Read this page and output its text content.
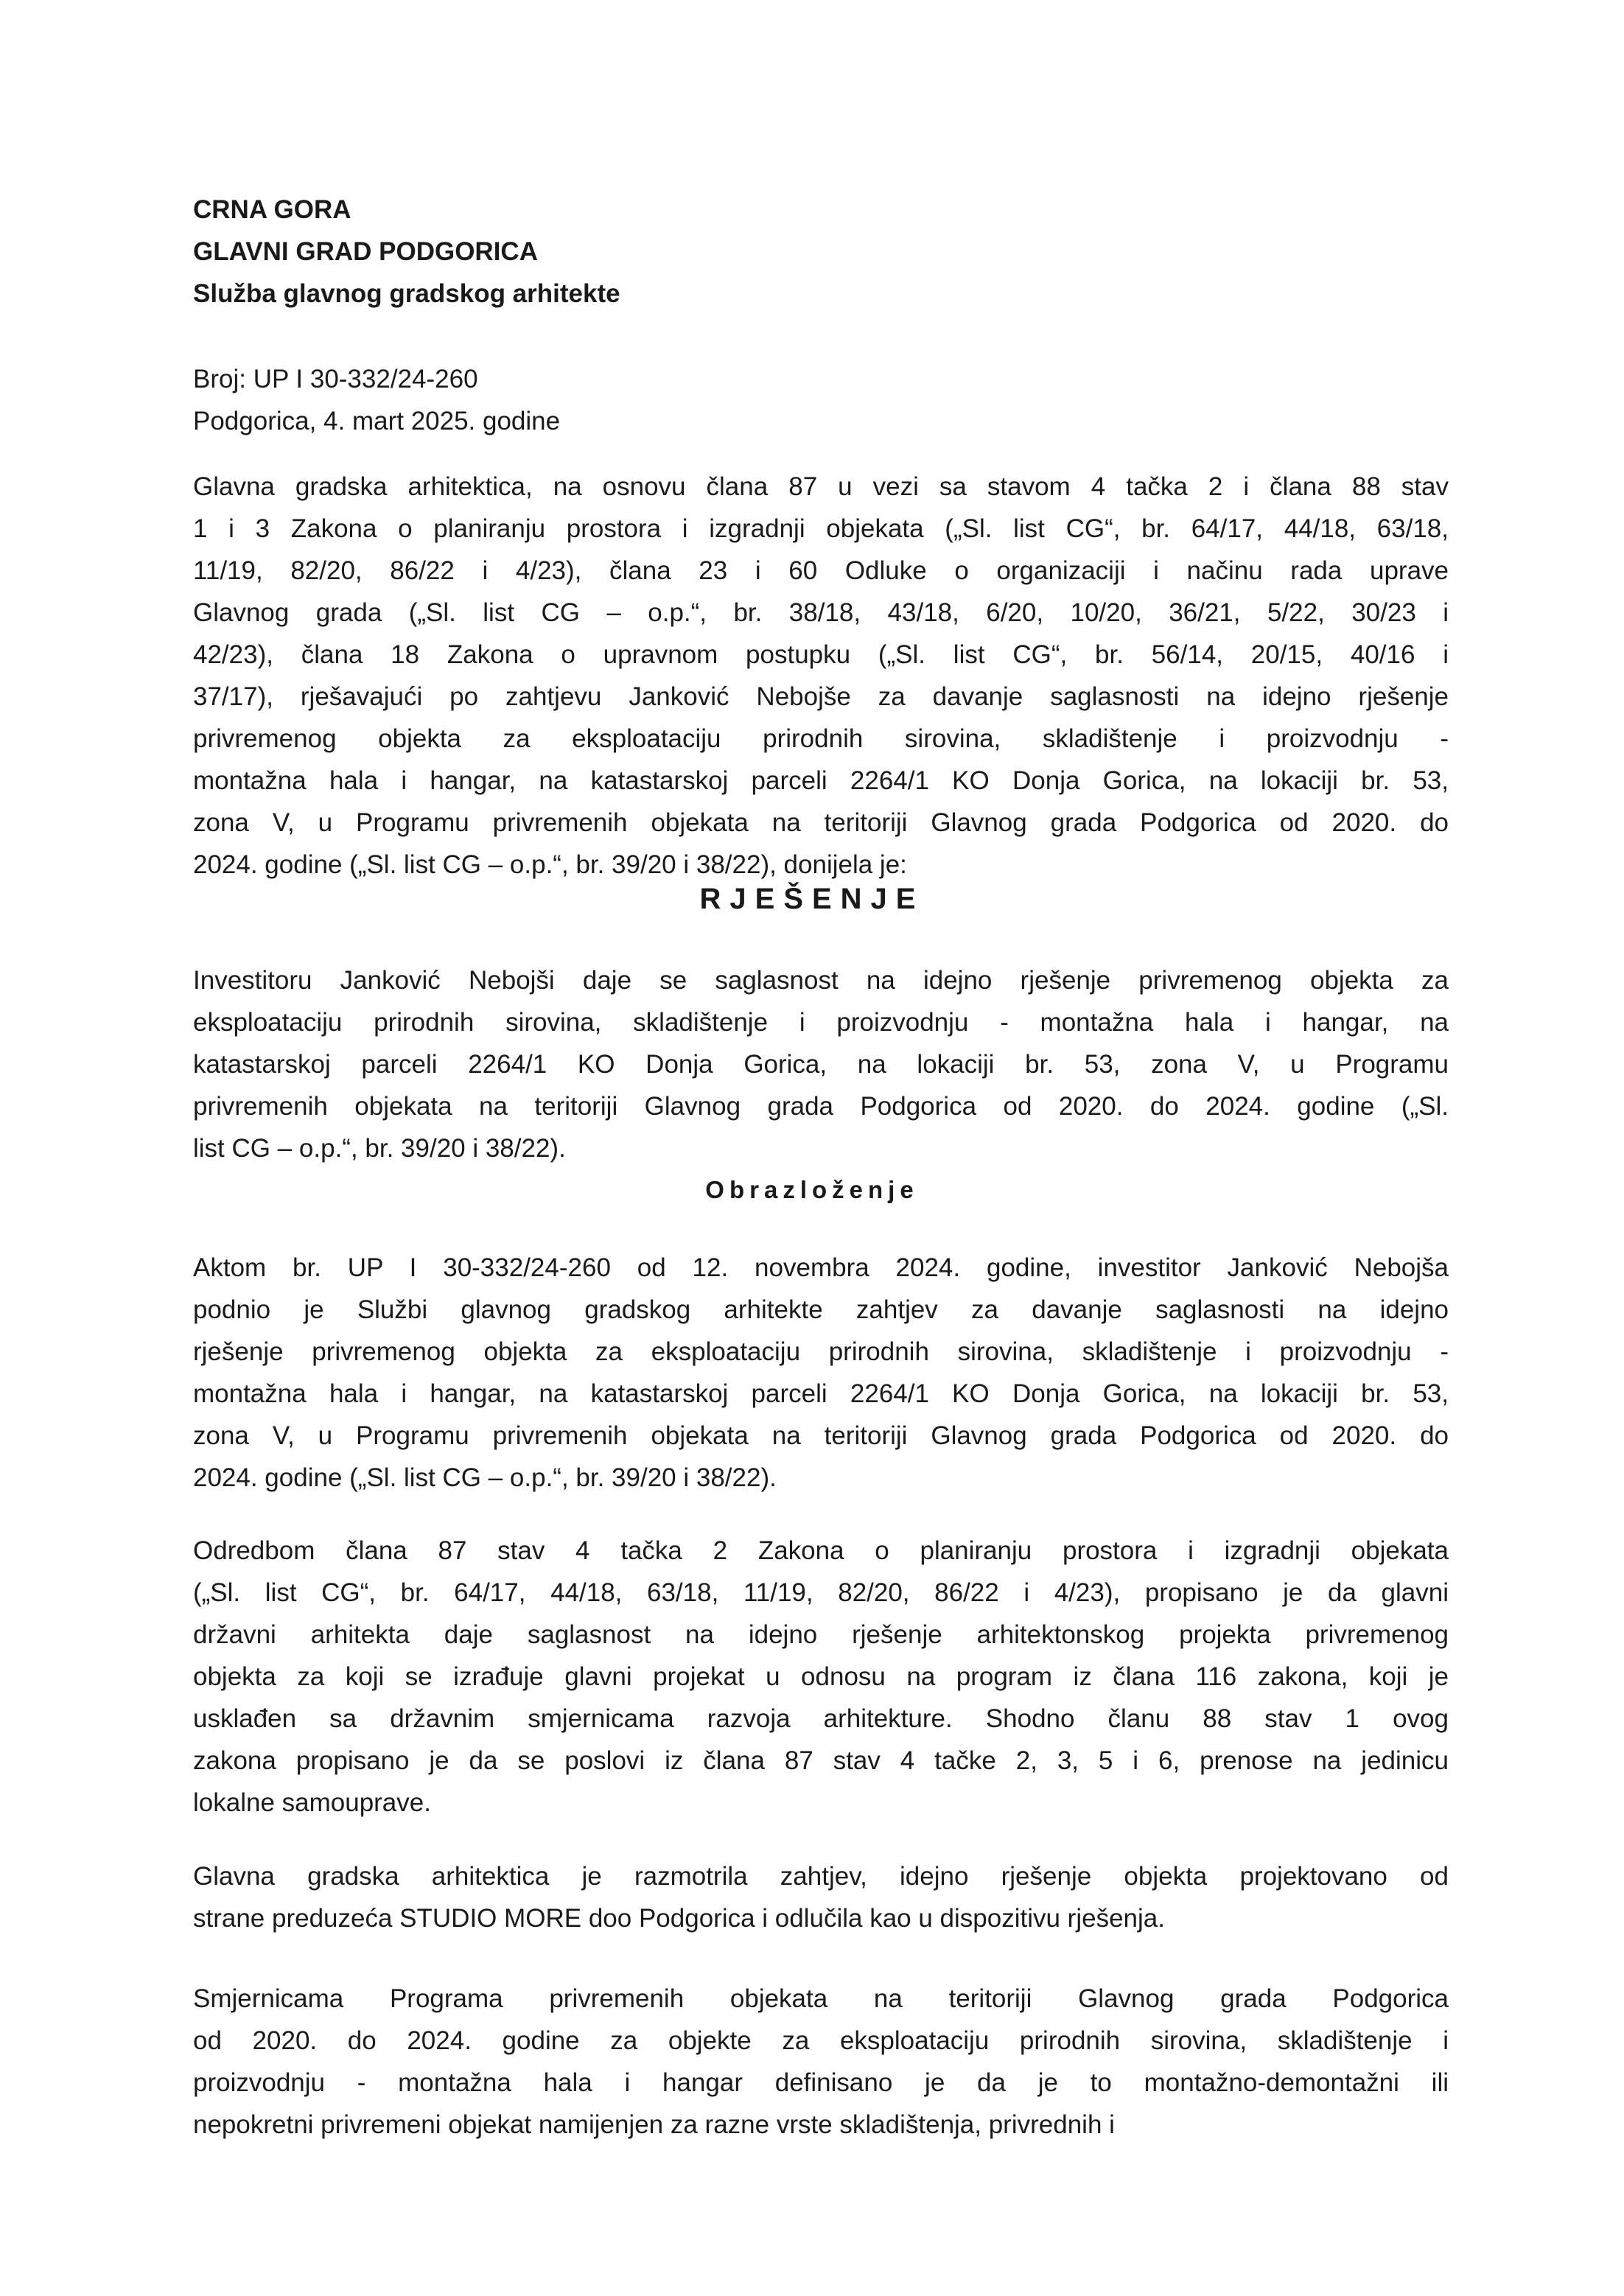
CRNA GORA
GLAVNI GRAD PODGORICA
Služba glavnog gradskog arhitekte
Broj: UP I 30-332/24-260
Podgorica, 4. mart 2025. godine
Glavna gradska arhitektica, na osnovu člana 87 u vezi sa stavom 4 tačka 2 i člana 88 stav
1 i 3 Zakona o planiranju prostora i izgradnji objekata („Sl. list CG“, br. 64/17, 44/18, 63/18,
11/19, 82/20, 86/22 i 4/23), člana 23 i 60 Odluke o organizaciji i načinu rada uprave
Glavnog grada („Sl. list CG – o.p.“, br. 38/18, 43/18, 6/20, 10/20, 36/21, 5/22, 30/23 i
42/23), člana 18 Zakona o upravnom postupku („Sl. list CG“, br. 56/14, 20/15, 40/16 i
37/17), rješavajući po zahtjevu Janković Nebojše za davanje saglasnosti na idejno rješenje
privremenog objekta za eksploataciju prirodnih sirovina, skladištenje i proizvodnju -
montažna hala i hangar, na katastarskoj parceli 2264/1 KO Donja Gorica, na lokaciji br. 53,
zona V, u Programu privremenih objekata na teritoriji Glavnog grada Podgorica od 2020. do
2024. godine („Sl. list CG – o.p.“, br. 39/20 i 38/22), donijela je:
RJEŠENJE
Investitoru Janković Nebojši daje se saglasnost na idejno rješenje privremenog objekta za
eksploataciju prirodnih sirovina, skladištenje i proizvodnju - montažna hala i hangar, na
katastarskoj parceli 2264/1 KO Donja Gorica, na lokaciji br. 53, zona V, u Programu
privremenih objekata na teritoriji Glavnog grada Podgorica od 2020. do 2024. godine („Sl.
list CG – o.p.“, br. 39/20 i 38/22).
Obrazloženje
Aktom br. UP I 30-332/24-260 od 12. novembra 2024. godine, investitor Janković Nebojša
podnio je Službi glavnog gradskog arhitekte zahtjev za davanje saglasnosti na idejno
rješenje privremenog objekta za eksploataciju prirodnih sirovina, skladištenje i proizvodnju -
montažna hala i hangar, na katastarskoj parceli 2264/1 KO Donja Gorica, na lokaciji br. 53,
zona V, u Programu privremenih objekata na teritoriji Glavnog grada Podgorica od 2020. do
2024. godine („Sl. list CG – o.p.“, br. 39/20 i 38/22).
Odredbom člana 87 stav 4 tačka 2 Zakona o planiranju prostora i izgradnji objekata
(„Sl. list CG“, br. 64/17, 44/18, 63/18, 11/19, 82/20, 86/22 i 4/23), propisano je da glavni
državni arhitekta daje saglasnost na idejno rješenje arhitektonskog projekta privremenog
objekta za koji se izrađuje glavni projekat u odnosu na program iz člana 116 zakona, koji je
usklađen sa državnim smjernicama razvoja arhitekture. Shodno članu 88 stav 1 ovog
zakona propisano je da se poslovi iz člana 87 stav 4 tačke 2, 3, 5 i 6, prenose na jedinicu
lokalne samouprave.
Glavna gradska arhitektica je razmotrila zahtjev, idejno rješenje objekta projektovano od
strane preduzeća STUDIO MORE doo Podgorica i odlučila kao u dispozitivu rješenja.
Smjernicama Programa privremenih objekata na teritoriji Glavnog grada Podgorica
od 2020. do 2024. godine za objekte za eksploataciju prirodnih sirovina, skladištenje i
proizvodnju - montažna hala i hangar definisano je da je to montažno-demontažni ili
nepokretni privremeni objekat namijenjen za razne vrste skladištenja, privrednih i
